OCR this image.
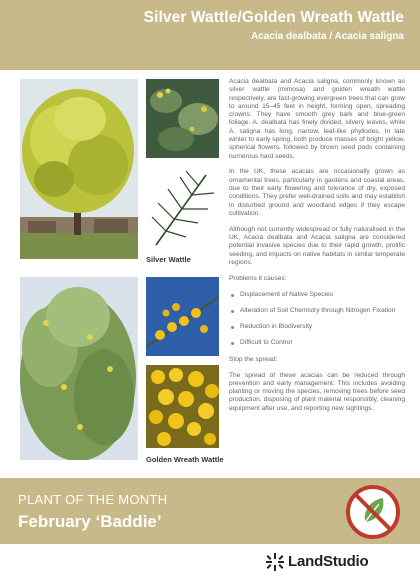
Silver Wattle/Golden Wreath Wattle
Acacia dealbata / Acacia saligna
Silver Wattle
Golden Wreath Wattle

Acacia dealbata and Acacia saligna, commonly known as silver wattle (mimosa) and golden wreath wattle respectively, are fast-growing evergreen trees that can grow to around 15–45 feet in height, forming open, spreading crowns. They have smooth grey bark and blue-green foliage. A. dealbata has finely divided, silvery leaves, while A. saligna has long, narrow, leaf-like phyllodes. In late winter to early spring, both produce masses of bright yellow, spherical flowers, followed by brown seed pods containing numerous hard seeds.

In the UK, these acacias are occasionally grown as ornamental trees, particularly in gardens and coastal areas, due to their early flowering and tolerance of dry, exposed conditions. They prefer well-drained soils and may establish in disturbed ground and woodland edges if they escape cultivation.

Although not currently widespread or fully naturalised in the UK, Acacia dealbata and Acacia saligna are considered potential invasive species due to their rapid growth, prolific seeding, and impacts on native habitats in similar temperate regions.

Problems it causes:

Displacement of Native Species
Alteration of Soil Chemistry through Nitrogen Fixation
Reduction in Biodiversity
Difficult to Control

Stop the spread:

The spread of these acacias can be reduced through prevention and early management. This includes avoiding planting or moving the species, removing trees before seed production, disposing of plant material responsibly, cleaning equipment after use, and reporting new sightings.

PLANT OF THE MONTH
February ‘Baddie’
LandStudio
